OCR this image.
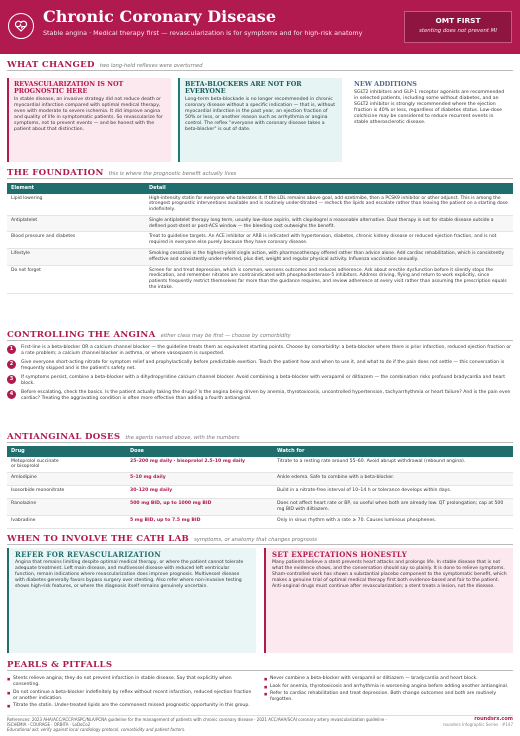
Chronic Coronary Disease
Stable angina · Medical therapy first — revascularization is for symptoms and for high-risk anatomy
OMT FIRST
stenting does not prevent MI
WHAT CHANGED two long-held reflexes were overturned
REVASCULARIZATION IS NOT PROGNOSTIC HERE
In stable disease, an invasive strategy did not reduce death or myocardial infarction compared with optimal medical therapy, even with moderate to severe ischemia. It did improve angina and quality of life in symptomatic patients. So revascularize for symptoms, not to prevent events — and be honest with the patient about that distinction.
BETA-BLOCKERS ARE NOT FOR EVERYONE
Long-term beta-blockade is no longer recommended in chronic coronary disease without a specific indication — that is, without myocardial infarction in the past year, an ejection fraction of 50% or less, or another reason such as arrhythmia or angina control. The reflex "everyone with coronary disease takes a beta-blocker" is out of date.
NEW ADDITIONS
SGLT2 inhibitors and GLP-1 receptor agonists are recommended in selected patients, including some without diabetes, and an SGLT2 inhibitor is strongly recommended where the ejection fraction is 40% or less, regardless of diabetes status. Low-dose colchicine may be considered to reduce recurrent events in stable atherosclerotic disease.
THE FOUNDATION this is where the prognostic benefit actually lives
Element	Detail
Lipid lowering	High-intensity statin for everyone who tolerates it. If the LDL remains above goal, add ezetimibe, then a PCSK9 inhibitor or other adjunct. This is among the strongest prognostic interventions available and is routinely under-titrated — recheck the lipids and escalate rather than leaving the patient on a starting dose indefinitely.
Antiplatelet	Single antiplatelet therapy long term, usually low-dose aspirin, with clopidogrel a reasonable alternative. Dual therapy is not for stable disease outside a defined post-stent or post-ACS window — the bleeding cost outweighs the benefit.
Blood pressure and diabetes	Treat to guideline targets. An ACE inhibitor or ARB is indicated with hypertension, diabetes, chronic kidney disease or reduced ejection fraction, and is not required in everyone else purely because they have coronary disease.
Lifestyle	Smoking cessation is the highest-yield single action, with pharmacotherapy offered rather than advice alone. Add cardiac rehabilitation, which is consistently effective and consistently under-referred, plus diet, weight and regular physical activity. Influenza vaccination annually.
Do not forget	Screen for and treat depression, which is common, worsens outcomes and reduces adherence. Ask about erectile dysfunction before it silently stops the medication, and remember nitrates are contraindicated with phosphodiesterase-5 inhibitors. Address driving, flying and return to work explicitly, since patients frequently restrict themselves far more than the guidance requires, and review adherence at every visit rather than assuming the prescription equals the intake.
CONTROLLING THE ANGINA either class may be first — choose by comorbidity
1	First-line is a beta-blocker OR a calcium channel blocker — the guideline treats them as equivalent starting points. Choose by comorbidity: a beta-blocker where there is prior infarction, reduced ejection fraction or a rate problem; a calcium channel blocker in asthma, or where vasospasm is suspected.
2	Give everyone short-acting nitrate for symptom relief and prophylactically before predictable exertion. Teach the patient how and when to use it, and what to do if the pain does not settle — this conversation is frequently skipped and is the patient's safety net.
3	If symptoms persist, combine a beta-blocker with a dihydropyridine calcium channel blocker. Avoid combining a beta-blocker with verapamil or diltiazem — the combination risks profound bradycardia and heart block.
4	Before escalating, check the basics. Is the patient actually taking the drugs? Is the angina being driven by anemia, thyrotoxicosis, uncontrolled hypertension, tachyarrhythmia or heart failure? And is the pain even cardiac? Treating the aggravating condition is often more effective than adding a fourth antianginal.
ANTIANGINAL DOSES the agents named above, with the numbers
Drug	Dose	Watch for
Metoprolol succinate
or bisoprolol	25–200 mg daily · bisoprolol 2.5–10 mg daily	Titrate to a resting rate around 55–60. Avoid abrupt withdrawal (rebound angina).
Amlodipine	5–10 mg daily	Ankle edema. Safe to combine with a beta-blocker.
Isosorbide mononitrate	30–120 mg daily	Build in a nitrate-free interval of 10–14 h or tolerance develops within days.
Ranolazine	500 mg BID, up to 1000 mg BID	Does not affect heart rate or BP, so useful when both are already low. QT prolongation; cap at 500 mg BID with diltiazem.
Ivabradine	5 mg BID, up to 7.5 mg BID	Only in sinus rhythm with a rate ≥ 70. Causes luminous phosphenes.
WHEN TO INVOLVE THE CATH LAB symptoms, or anatomy that changes prognosis
REFER FOR REVASCULARIZATION
Angina that remains limiting despite optimal medical therapy, or where the patient cannot tolerate adequate treatment. Left main disease, and multivessel disease with reduced left ventricular function, remain indications where revascularization does improve prognosis. Multivessel disease with diabetes generally favors bypass surgery over stenting. Also refer where non-invasive testing shows high-risk features, or where the diagnosis itself remains genuinely uncertain.
SET EXPECTATIONS HONESTLY
Many patients believe a stent prevents heart attacks and prolongs life. In stable disease that is not what the evidence shows, and the conversation should say so plainly. It is done to relieve symptoms. Sham-controlled work has shown a substantial placebo component to the symptomatic benefit, which makes a genuine trial of optimal medical therapy first both evidence-based and fair to the patient. Anti-anginal drugs must continue after revascularization; a stent treats a lesion, not the disease.
PEARLS & PITFALLS
■ Stents relieve angina; they do not prevent infarction in stable disease. Say that explicitly when consenting.
■ Do not continue a beta-blocker indefinitely by reflex without recent infarction, reduced ejection fraction or another indication.
■ Titrate the statin. Under-treated lipids are the commonest missed prognostic opportunity in this group.
■ Never combine a beta-blocker with verapamil or diltiazem — bradycardia and heart block.
■ Look for anemia, thyrotoxicosis and arrhythmia in worsening angina before adding another antianginal.
■ Refer to cardiac rehabilitation and treat depression. Both change outcomes and both are routinely forgotten.
References: 2023 AHA/ACC/ACCP/ASPC/NLA/PCNA guideline for the management of patients with chronic coronary disease · 2021 ACC/AHA/SCAI coronary artery revascularization guideline · ISCHEMIA · COURAGE · ORBITA · LoDoCo2
Educational aid; verify against local cardiology protocol, comorbidity and patient factors.
roundsrx.com
rounders Infographic Series · #147
